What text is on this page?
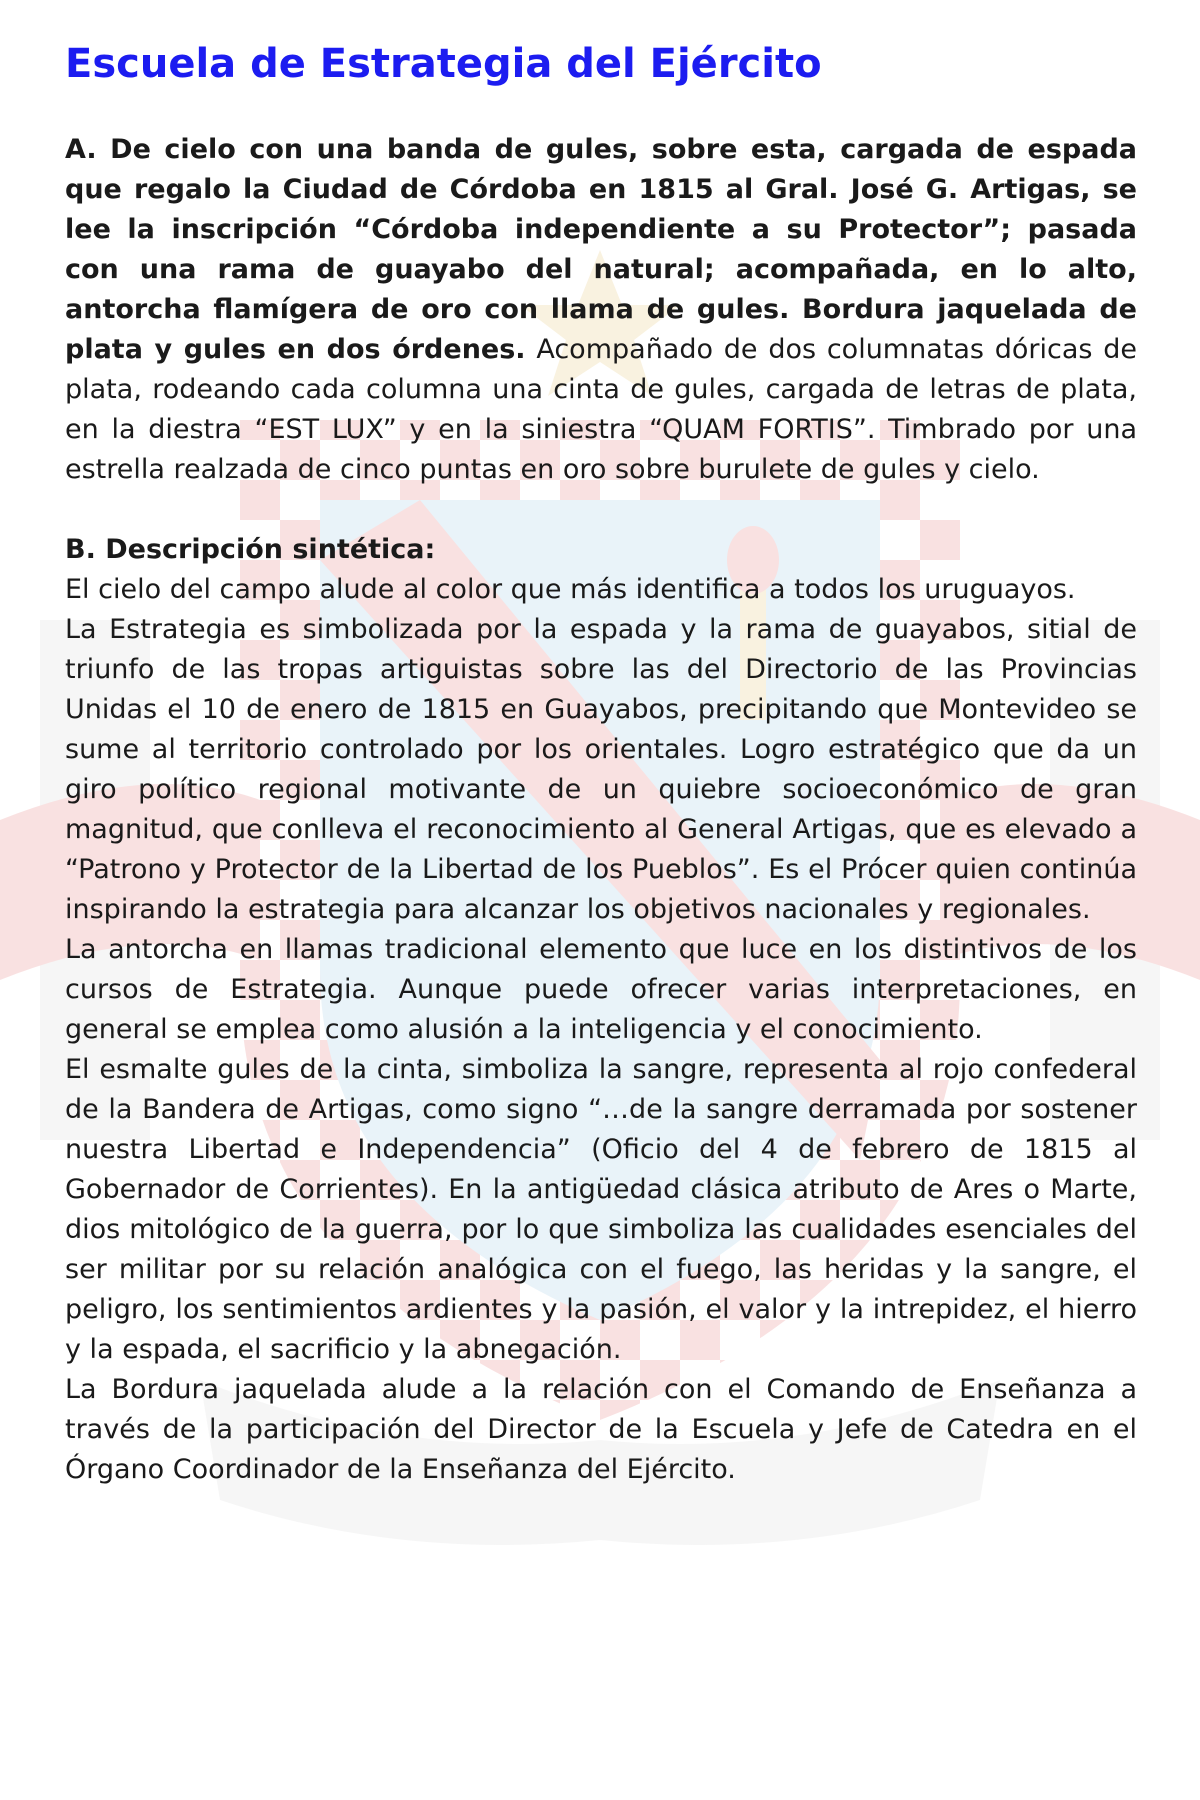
Escuela de Estrategia del Ejército

A. De cielo con una banda de gules, sobre esta, cargada de espada que regalo la Ciudad de Córdoba en 1815 al Gral. José G. Artigas, se lee la inscripción “Córdoba independiente a su Protector”; pasada con una rama de guayabo del natural; acompañada, en lo alto, antorcha flamígera de oro con llama de gules. Bordura jaquelada de plata y gules en dos órdenes. Acompañado de dos columnatas dóricas de plata, rodeando cada columna una cinta de gules, cargada de letras de plata, en la diestra “EST LUX” y en la siniestra “QUAM FORTIS”. Timbrado por una estrella realzada de cinco puntas en oro sobre burulete de gules y cielo.

B. Descripción sintética:

El cielo del campo alude al color que más identifica a todos los uruguayos.

La Estrategia es simbolizada por la espada y la rama de guayabos, sitial de triunfo de las tropas artiguistas sobre las del Directorio de las Provincias Unidas el 10 de enero de 1815 en Guayabos, precipitando que Montevideo se sume al territorio controlado por los orientales. Logro estratégico que da un giro político regional motivante de un quiebre socioeconómico de gran magnitud, que conlleva el reconocimiento al General Artigas, que es elevado a “Patrono y Protector de la Libertad de los Pueblos”. Es el Prócer quien continúa inspirando la estrategia para alcanzar los objetivos nacionales y regionales.

La antorcha en llamas tradicional elemento que luce en los distintivos de los cursos de Estrategia. Aunque puede ofrecer varias interpretaciones, en general se emplea como alusión a la inteligencia y el conocimiento.

El esmalte gules de la cinta, simboliza la sangre, representa al rojo confederal de la Bandera de Artigas, como signo “…de la sangre derramada por sostener nuestra Libertad e Independencia” (Oficio del 4 de febrero de 1815 al Gobernador de Corrientes). En la antigüedad clásica atributo de Ares o Marte, dios mitológico de la guerra, por lo que simboliza las cualidades esenciales del ser militar por su relación analógica con el fuego, las heridas y la sangre, el peligro, los sentimientos ardientes y la pasión, el valor y la intrepidez, el hierro y la espada, el sacrificio y la abnegación.

La Bordura jaquelada alude a la relación con el Comando de Enseñanza a través de la participación del Director de la Escuela y Jefe de Catedra en el Órgano Coordinador de la Enseñanza del Ejército.
